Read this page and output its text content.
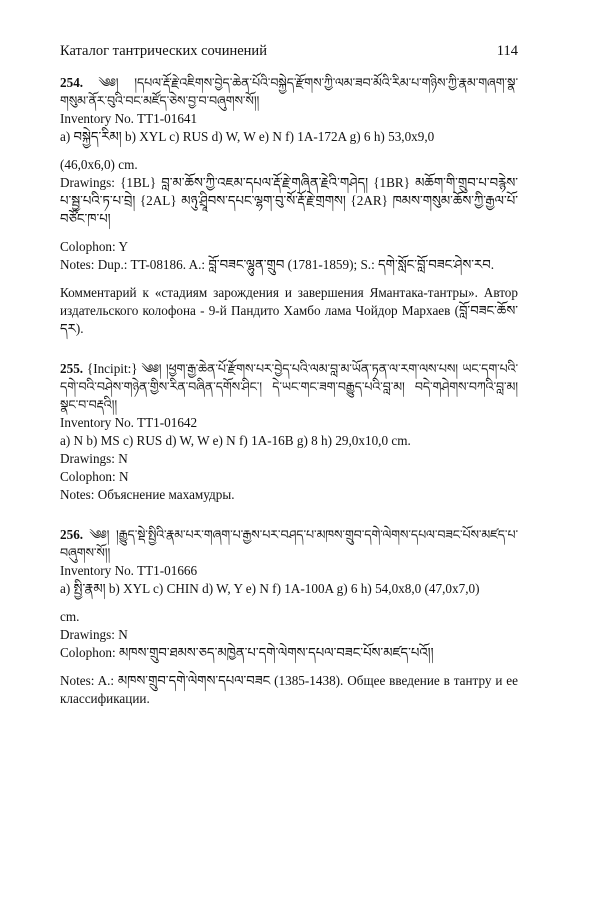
Каталог тантрических сочинений	114

254. ༄༅། །དཔལ་རྡོ་རྗེ་འཇིགས་བྱེད་ཆེན་པོའི་བསྐྱེད་རྫོགས་ཀྱི་ལམ་ཟབ་མོའི་རིམ་པ་གཉིས་ཀྱི་རྣམ་གཞག་སྣ་གསུམ་ནོར་བུའི་བང་མཛོད་ཅེས་བྱ་བ་བཞུགས་སོ།།

Inventory No. TT1-01641

a) བསྐྱེད་རིམ། b) XYL c) RUS d) W, W e) N f) 1A-172A g) 6 h) 53,0x9,0

(46,0x6,0) cm.

Drawings: {1BL} བླ་མ་ཆོས་ཀྱི་འཇམ་དཔལ་རྡོ་རྗེ་གཞིན་རྗེའི་གཤེད། {1BR} མཆོག་གི་གྲུབ་པ་བརྙེས་པ་སྦྱ་པའི་ཏ་པ་བྲེ། {2AL} མཉུ་ཤྲཱིབས་དཔང་ལྷག་བུ་སོ་རྡོ་རྗེ་གྲགས། {2AR} ཁམས་གསུམ་ཆོས་ཀྱི་རྒྱལ་པོ་བཙོང་ཁ་པ།

Colophon: Y

Notes: Dup.: TT-08186. A.: བློ་བཟང་ལྷུན་གྲུབ (1781-1859); S.: དགེ་སློང་བློ་བཟང་ཤེས་རབ.

Комментарий к «стадиям зарождения и завершения Ямантака-тантры». Автор издательского колофона - 9-й Пандито Хамбо лама Чойдор Мархаев (བློ་བཟང་ཆོས་དར).

255. {Incipit:} ༄༅། །ཕྱག་རྒྱ་ཆེན་པོ་རྫོགས་པར་བྱེད་པའི་ལམ་བླ་མ་ཡོན་ཏན་ལ་རག་ལས་པས། ཡང་དག་པའི་དགེ་བའི་བཤེས་གཉེན་གྱིས་རིན་བཞིན་དགོས་ཤིང་། དེ་ཡང་གང་ཟག་བརྒྱུད་པའི་བླ་མ། བདེ་གཤེགས་བཀའི་བླ་མ། སྣང་བ་བརྡའི།།

Inventory No. TT1-01642

a) N b) MS c) RUS d) W, W e) N f) 1A-16B g) 8 h) 29,0x10,0 cm.

Drawings: N

Colophon: N

Notes: Объяснение махамудры.

256. ༄༅། །རྒྱུད་སྡེ་སྤྱིའི་རྣམ་པར་གཞག་པ་རྒྱས་པར་བཤད་པ་མཁས་གྲུབ་དགེ་ལེགས་དཔལ་བཟང་པོས་མཛད་པ་བཞུགས་སོ།།

Inventory No. TT1-01666

a) སྤྱི་རྣམ། b) XYL c) CHIN d) W, Y e) N f) 1A-100A g) 6 h) 54,0x8,0 (47,0x7,0)

cm.

Drawings: N

Colophon: མཁས་གྲུབ་ཐམས་ཅད་མཁྱེན་པ་དགེ་ལེགས་དཔལ་བཟང་པོས་མཛད་པའོ།།

Notes: A.: མཁས་གྲུབ་དགེ་ལེགས་དཔལ་བཟང (1385-1438). Общее введение в тантру и ее классификации.
